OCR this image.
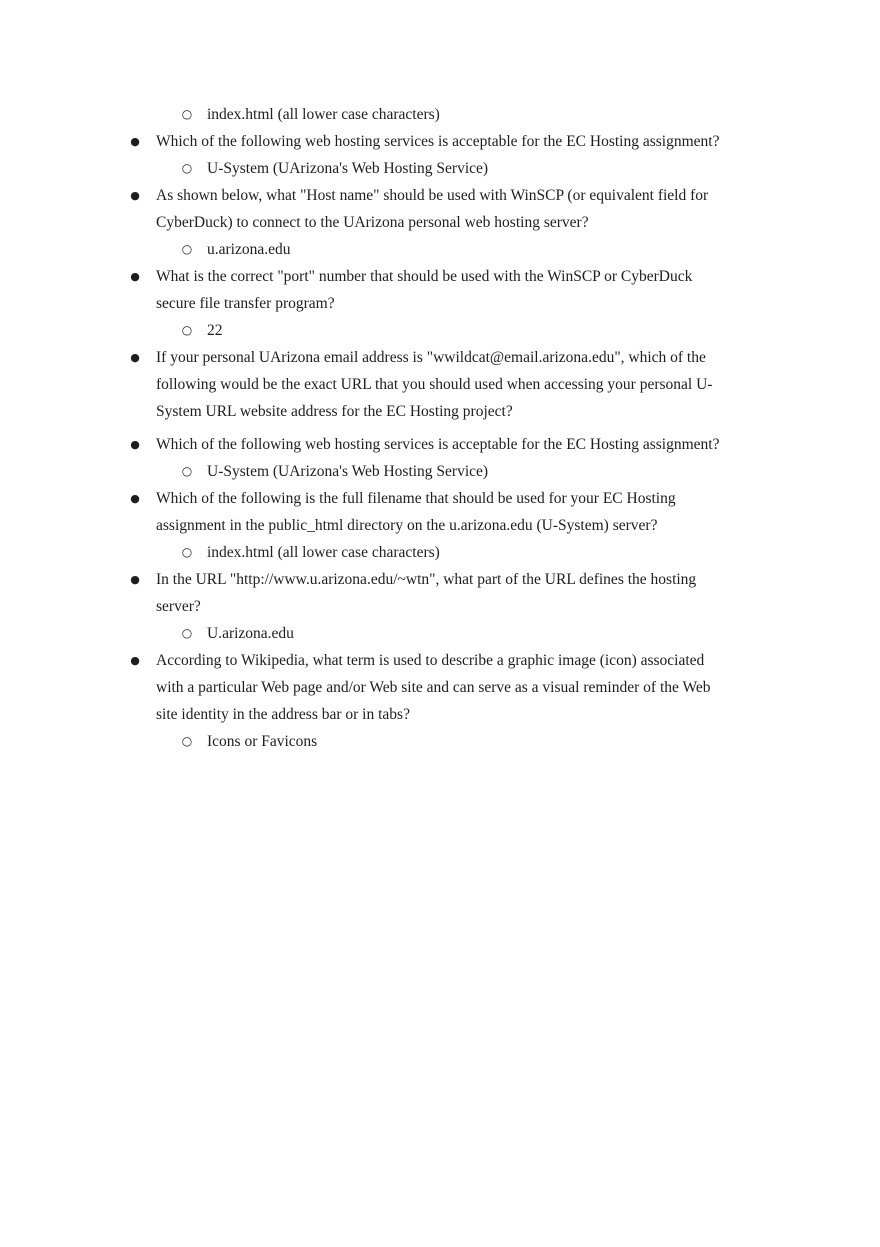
○ index.html (all lower case characters)
● Which of the following web hosting services is acceptable for the EC Hosting assignment?
○ U-System (UArizona's Web Hosting Service)
● As shown below, what "Host name" should be used with WinSCP (or equivalent field for CyberDuck) to connect to the UArizona personal web hosting server?
○ u.arizona.edu
● What is the correct "port" number that should be used with the WinSCP or CyberDuck secure file transfer program?
○ 22
● If your personal UArizona email address is "wwildcat@email.arizona.edu", which of the following would be the exact URL that you should used when accessing your personal U-System URL website address for the EC Hosting project?
● Which of the following web hosting services is acceptable for the EC Hosting assignment?
○ U-System (UArizona's Web Hosting Service)
● Which of the following is the full filename that should be used for your EC Hosting assignment in the public_html directory on the u.arizona.edu (U-System) server?
○ index.html (all lower case characters)
● In the URL "http://www.u.arizona.edu/~wtn", what part of the URL defines the hosting server?
○ U.arizona.edu
● According to Wikipedia, what term is used to describe a graphic image (icon) associated with a particular Web page and/or Web site and can serve as a visual reminder of the Web site identity in the address bar or in tabs?
○ Icons or Favicons
